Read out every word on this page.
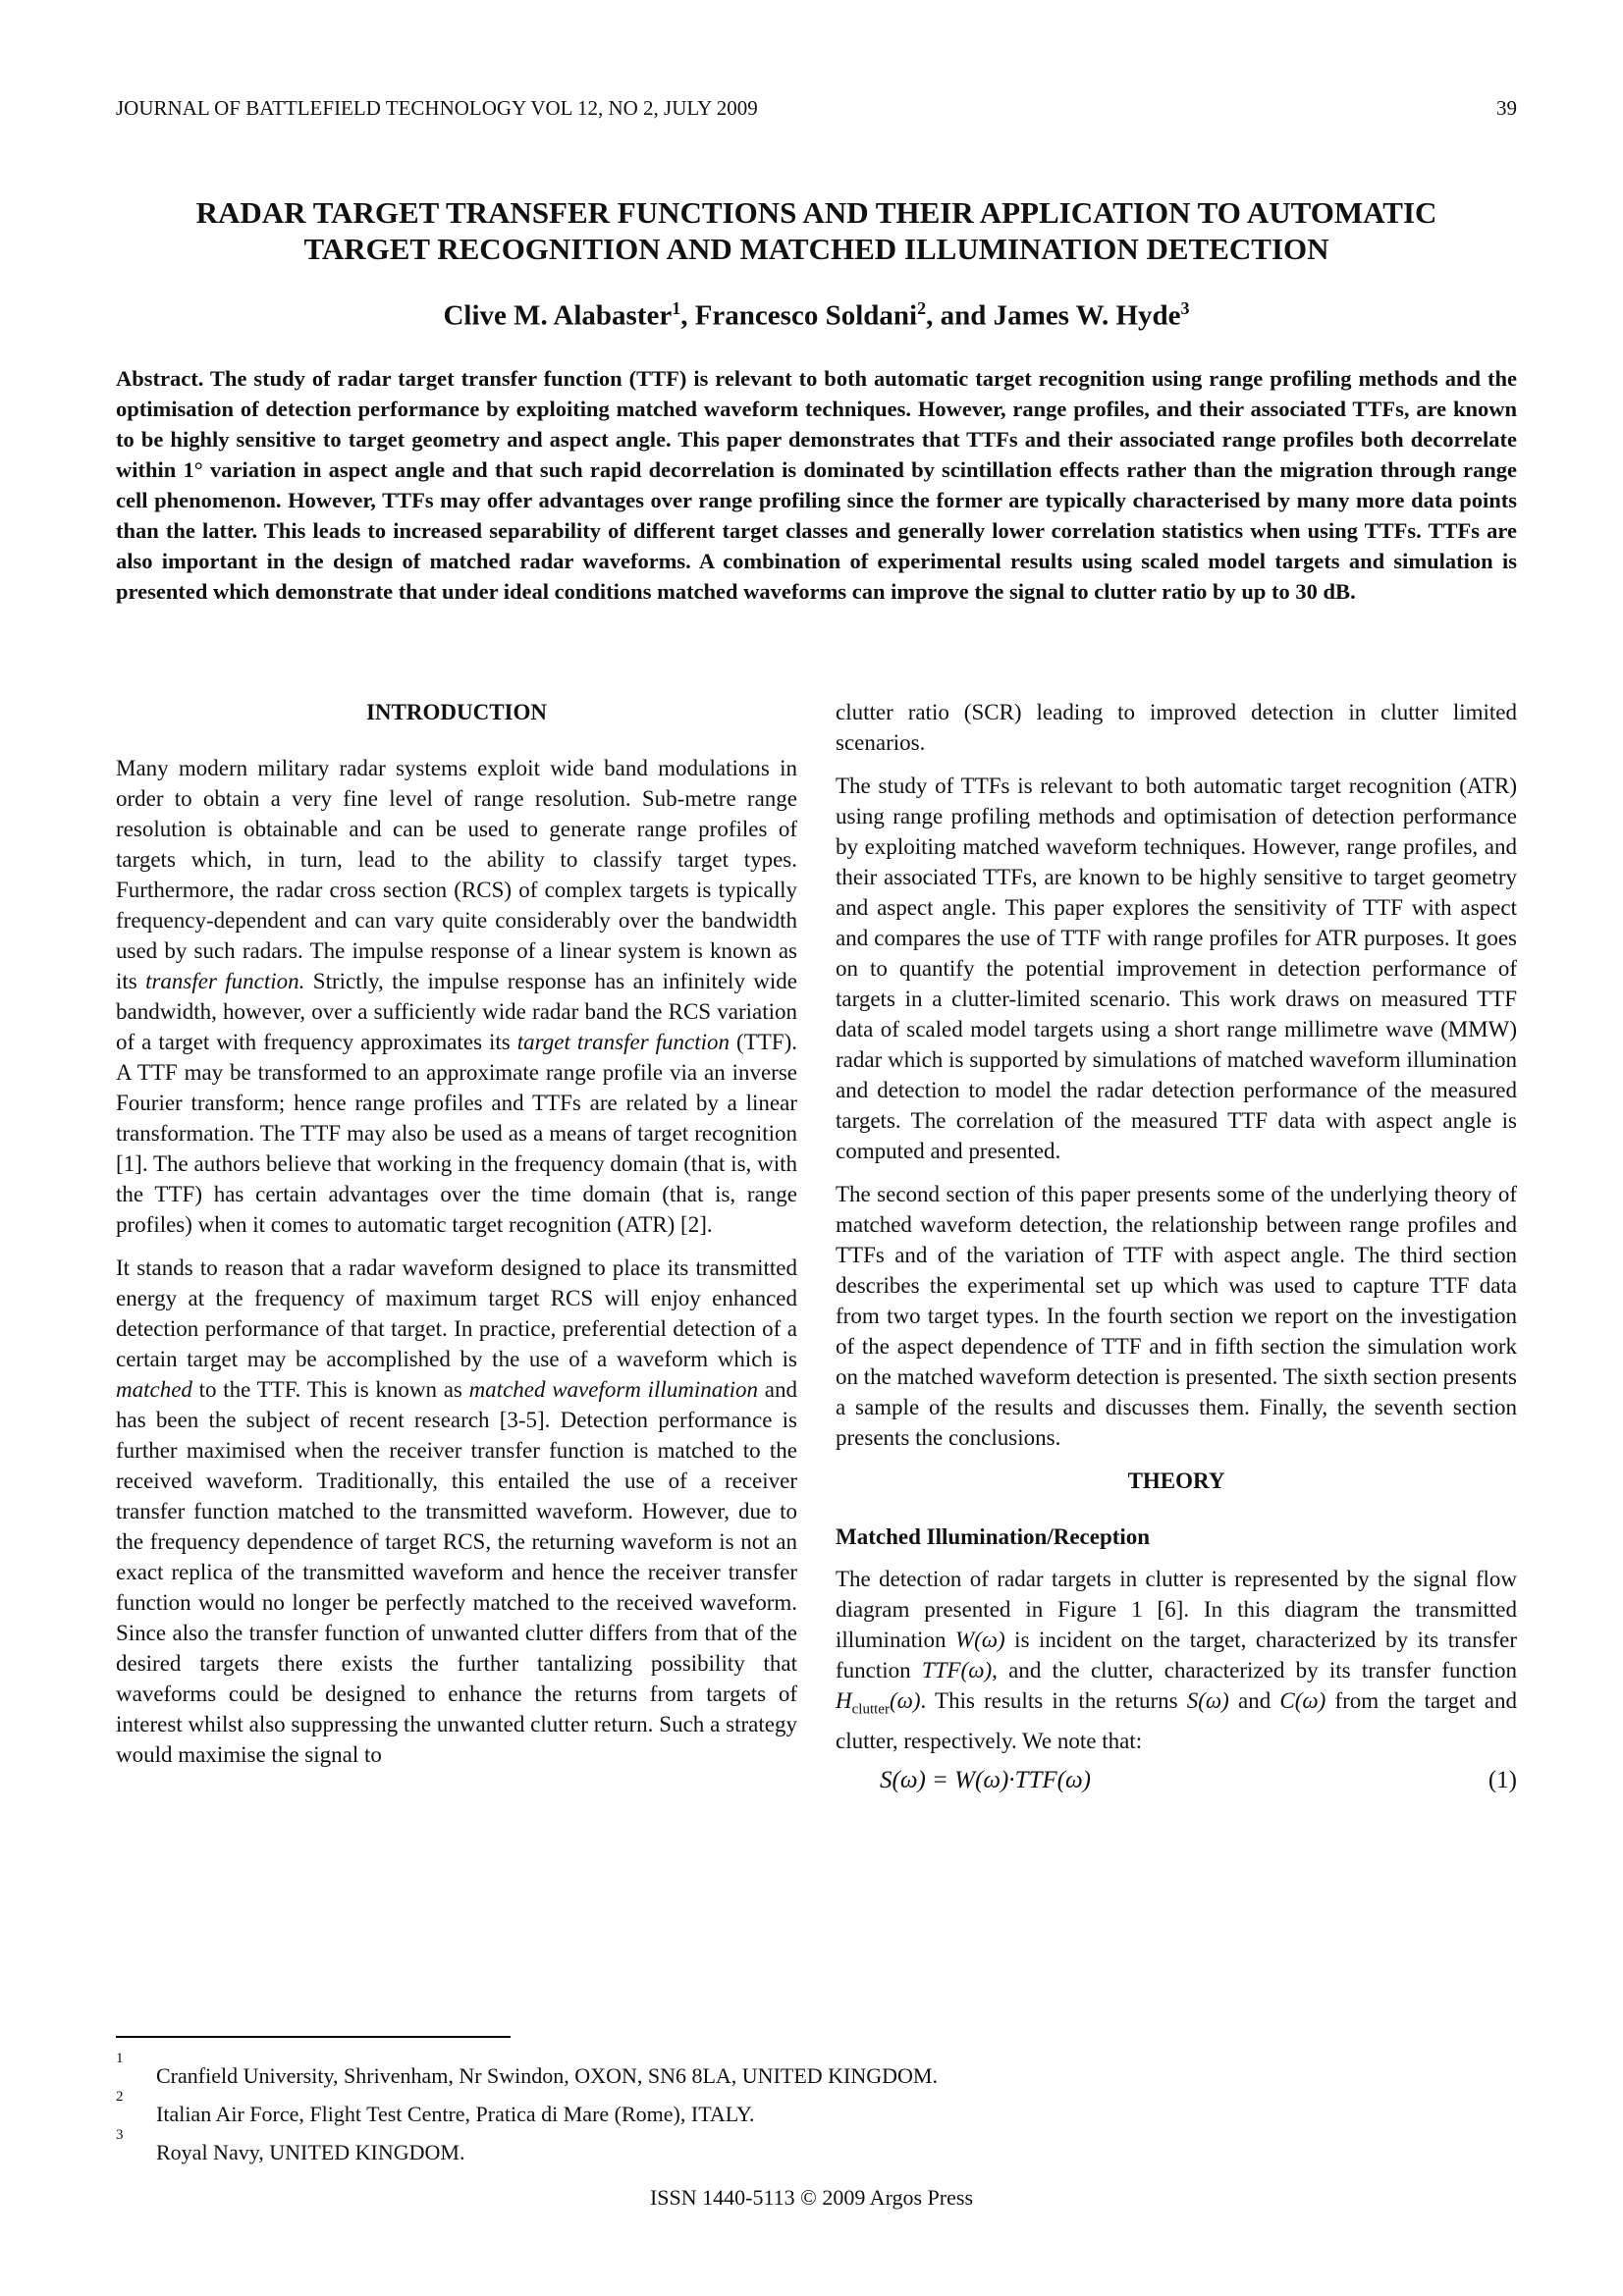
JOURNAL OF BATTLEFIELD TECHNOLOGY VOL 12, NO 2, JULY 2009	39
RADAR TARGET TRANSFER FUNCTIONS AND THEIR APPLICATION TO AUTOMATIC
TARGET RECOGNITION AND MATCHED ILLUMINATION DETECTION
Clive M. Alabaster$^1$, Francesco Soldani$^2$, and James W. Hyde$^3$
Abstract. The study of radar target transfer function (TTF) is relevant to both automatic target recognition using range profiling methods and the optimisation of detection performance by exploiting matched waveform techniques. However, range profiles, and their associated TTFs, are known to be highly sensitive to target geometry and aspect angle. This paper demonstrates that TTFs and their associated range profiles both decorrelate within 1° variation in aspect angle and that such rapid decorrelation is dominated by scintillation effects rather than the migration through range cell phenomenon. However, TTFs may offer advantages over range profiling since the former are typically characterised by many more data points than the latter. This leads to increased separability of different target classes and generally lower correlation statistics when using TTFs. TTFs are also important in the design of matched radar waveforms. A combination of experimental results using scaled model targets and simulation is presented which demonstrate that under ideal conditions matched waveforms can improve the signal to clutter ratio by up to 30 dB.
INTRODUCTION

Many modern military radar systems exploit wide band modulations in order to obtain a very fine level of range resolution. Sub-metre range resolution is obtainable and can be used to generate range profiles of targets which, in turn, lead to the ability to classify target types. Furthermore, the radar cross section (RCS) of complex targets is typically frequency-dependent and can vary quite considerably over the bandwidth used by such radars. The impulse response of a linear system is known as its transfer function. Strictly, the impulse response has an infinitely wide bandwidth, however, over a sufficiently wide radar band the RCS variation of a target with frequency approximates its target transfer function (TTF). A TTF may be transformed to an approximate range profile via an inverse Fourier transform; hence range profiles and TTFs are related by a linear transformation. The TTF may also be used as a means of target recognition [1]. The authors believe that working in the frequency domain (that is, with the TTF) has certain advantages over the time domain (that is, range profiles) when it comes to automatic target recognition (ATR) [2].

It stands to reason that a radar waveform designed to place its transmitted energy at the frequency of maximum target RCS will enjoy enhanced detection performance of that target. In practice, preferential detection of a certain target may be accomplished by the use of a waveform which is matched to the TTF. This is known as matched waveform illumination and has been the subject of recent research [3-5]. Detection performance is further maximised when the receiver transfer function is matched to the received waveform. Traditionally, this entailed the use of a receiver transfer function matched to the transmitted waveform. However, due to the frequency dependence of target RCS, the returning waveform is not an exact replica of the transmitted waveform and hence the receiver transfer function would no longer be perfectly matched to the received waveform. Since also the transfer function of unwanted clutter differs from that of the desired targets there exists the further tantalizing possibility that waveforms could be designed to enhance the returns from targets of interest whilst also suppressing the unwanted clutter return. Such a strategy would maximise the signal to

clutter ratio (SCR) leading to improved detection in clutter limited scenarios.

The study of TTFs is relevant to both automatic target recognition (ATR) using range profiling methods and optimisation of detection performance by exploiting matched waveform techniques. However, range profiles, and their associated TTFs, are known to be highly sensitive to target geometry and aspect angle. This paper explores the sensitivity of TTF with aspect and compares the use of TTF with range profiles for ATR purposes. It goes on to quantify the potential improvement in detection performance of targets in a clutter-limited scenario. This work draws on measured TTF data of scaled model targets using a short range millimetre wave (MMW) radar which is supported by simulations of matched waveform illumination and detection to model the radar detection performance of the measured targets. The correlation of the measured TTF data with aspect angle is computed and presented.

The second section of this paper presents some of the underlying theory of matched waveform detection, the relationship between range profiles and TTFs and of the variation of TTF with aspect angle. The third section describes the experimental set up which was used to capture TTF data from two target types. In the fourth section we report on the investigation of the aspect dependence of TTF and in fifth section the simulation work on the matched waveform detection is presented. The sixth section presents a sample of the results and discusses them. Finally, the seventh section presents the conclusions.

THEORY
Matched Illumination/Reception

The detection of radar targets in clutter is represented by the signal flow diagram presented in Figure 1 [6]. In this diagram the transmitted illumination W(ω) is incident on the target, characterized by its transfer function TTF(ω), and the clutter, characterized by its transfer function $H_{clutter}(\omega)$. This results in the returns S(ω) and C(ω) from the target and clutter, respectively. We note that:

S(ω) = W(ω)·TTF(ω)	(1)
1
Cranfield University, Shrivenham, Nr Swindon, OXON, SN6 8LA, UNITED KINGDOM.
2
Italian Air Force, Flight Test Centre, Pratica di Mare (Rome), ITALY.
3
Royal Navy, UNITED KINGDOM.
ISSN 1440-5113 © 2009 Argos Press
